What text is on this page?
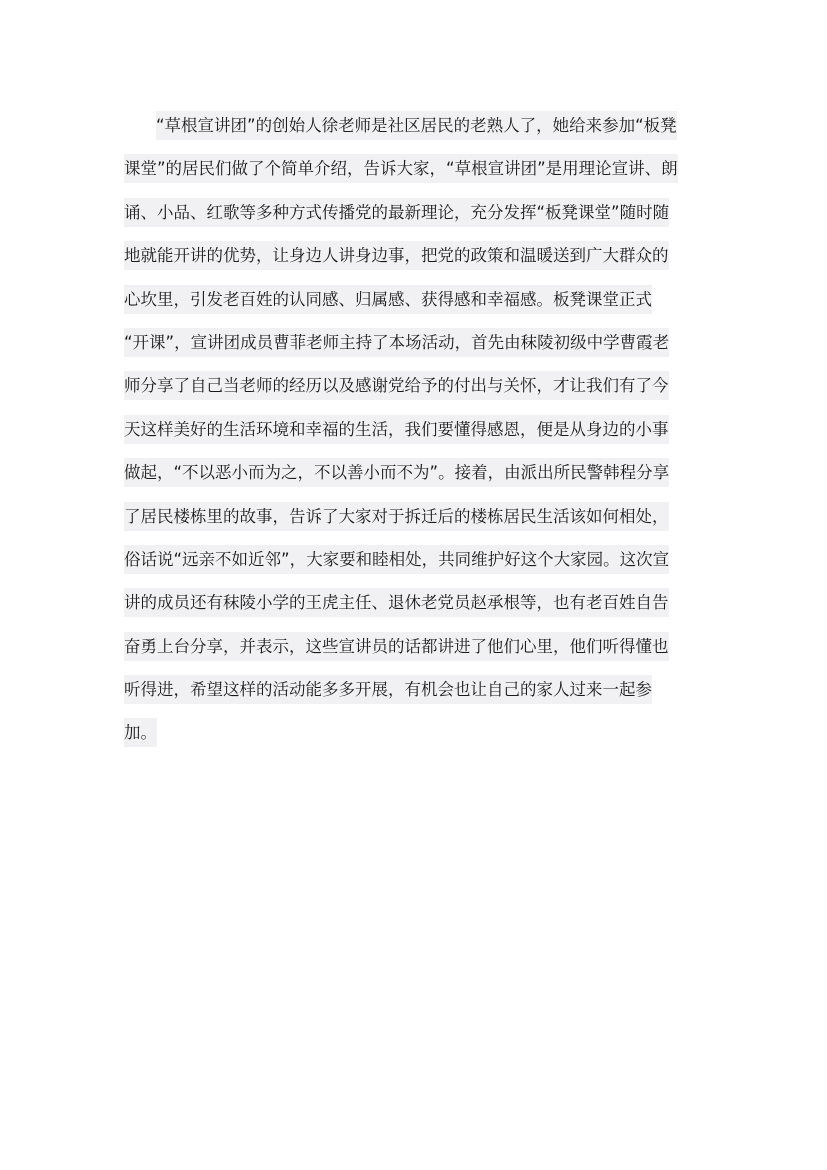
“草根宣讲团”的创始人徐老师是社区居民的老熟人了，她给来参加“板凳
课堂”的居民们做了个简单介绍，告诉大家，“草根宣讲团”是用理论宣讲、朗
诵、小品、红歌等多种方式传播党的最新理论，充分发挥“板凳课堂”随时随
地就能开讲的优势，让身边人讲身边事，把党的政策和温暖送到广大群众的
心坎里，引发老百姓的认同感、归属感、获得感和幸福感。板凳课堂正式
“开课”，宣讲团成员曹菲老师主持了本场活动，首先由秣陵初级中学曹霞老
师分享了自己当老师的经历以及感谢党给予的付出与关怀，才让我们有了今
天这样美好的生活环境和幸福的生活，我们要懂得感恩，便是从身边的小事
做起，“不以恶小而为之，不以善小而不为”。接着，由派出所民警韩程分享
了居民楼栋里的故事，告诉了大家对于拆迁后的楼栋居民生活该如何相处，
俗话说“远亲不如近邻”，大家要和睦相处，共同维护好这个大家园。这次宣
讲的成员还有秣陵小学的王虎主任、退休老党员赵承根等，也有老百姓自告
奋勇上台分享，并表示，这些宣讲员的话都讲进了他们心里，他们听得懂也
听得进，希望这样的活动能多多开展，有机会也让自己的家人过来一起参
加。
